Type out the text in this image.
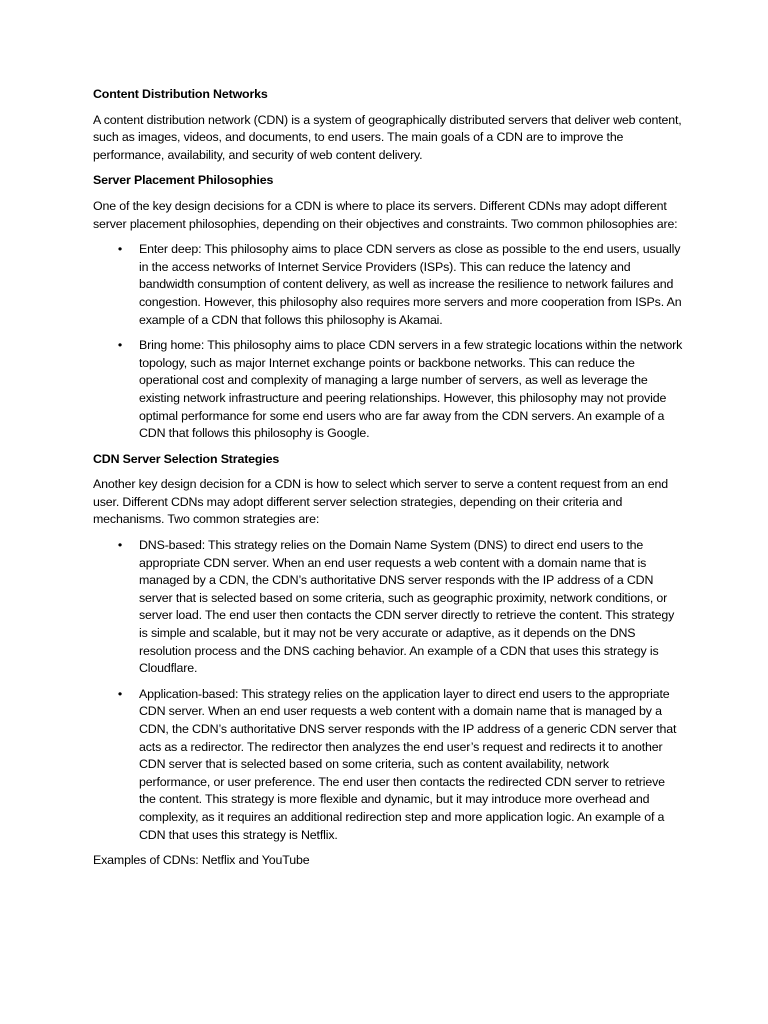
Content Distribution Networks
A content distribution network (CDN) is a system of geographically distributed servers that deliver web content, such as images, videos, and documents, to end users. The main goals of a CDN are to improve the performance, availability, and security of web content delivery.
Server Placement Philosophies
One of the key design decisions for a CDN is where to place its servers. Different CDNs may adopt different server placement philosophies, depending on their objectives and constraints. Two common philosophies are:
• Enter deep: This philosophy aims to place CDN servers as close as possible to the end users, usually in the access networks of Internet Service Providers (ISPs). This can reduce the latency and bandwidth consumption of content delivery, as well as increase the resilience to network failures and congestion. However, this philosophy also requires more servers and more cooperation from ISPs. An example of a CDN that follows this philosophy is Akamai.
• Bring home: This philosophy aims to place CDN servers in a few strategic locations within the network topology, such as major Internet exchange points or backbone networks. This can reduce the operational cost and complexity of managing a large number of servers, as well as leverage the existing network infrastructure and peering relationships. However, this philosophy may not provide optimal performance for some end users who are far away from the CDN servers. An example of a CDN that follows this philosophy is Google.
CDN Server Selection Strategies
Another key design decision for a CDN is how to select which server to serve a content request from an end user. Different CDNs may adopt different server selection strategies, depending on their criteria and mechanisms. Two common strategies are:
• DNS-based: This strategy relies on the Domain Name System (DNS) to direct end users to the appropriate CDN server. When an end user requests a web content with a domain name that is managed by a CDN, the CDN’s authoritative DNS server responds with the IP address of a CDN server that is selected based on some criteria, such as geographic proximity, network conditions, or server load. The end user then contacts the CDN server directly to retrieve the content. This strategy is simple and scalable, but it may not be very accurate or adaptive, as it depends on the DNS resolution process and the DNS caching behavior. An example of a CDN that uses this strategy is Cloudflare.
• Application-based: This strategy relies on the application layer to direct end users to the appropriate CDN server. When an end user requests a web content with a domain name that is managed by a CDN, the CDN’s authoritative DNS server responds with the IP address of a generic CDN server that acts as a redirector. The redirector then analyzes the end user’s request and redirects it to another CDN server that is selected based on some criteria, such as content availability, network performance, or user preference. The end user then contacts the redirected CDN server to retrieve the content. This strategy is more flexible and dynamic, but it may introduce more overhead and complexity, as it requires an additional redirection step and more application logic. An example of a CDN that uses this strategy is Netflix.
Examples of CDNs: Netflix and YouTube
